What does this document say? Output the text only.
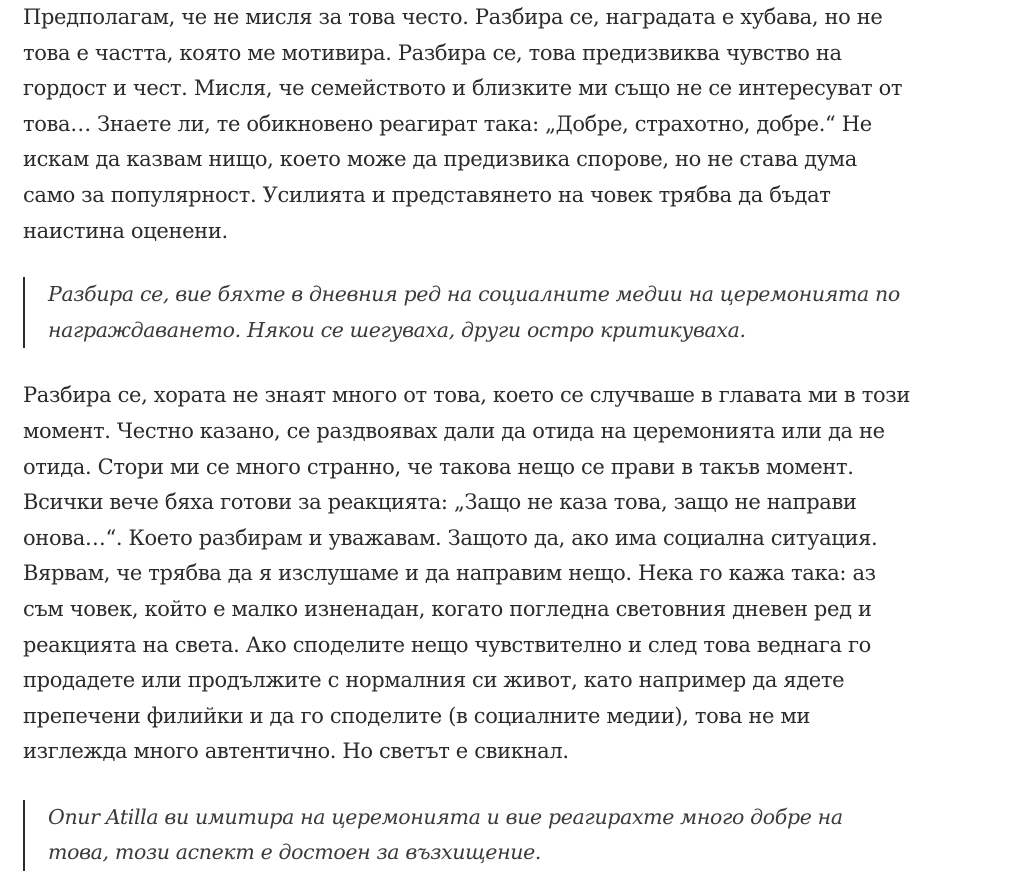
Предполагам, че не мисля за това често. Разбира се, наградата е хубава, но не
това е частта, която ме мотивира. Разбира се, това предизвиква чувство на
гордост и чест. Мисля, че семейството и близките ми също не се интересуват от
това… Знаете ли, те обикновено реагират така: „Добре, страхотно, добре.“ Не
искам да казвам нищо, което може да предизвика спорове, но не става дума
само за популярност. Усилията и представянето на човек трябва да бъдат
наистина оценени.

Разбира се, вие бяхте в дневния ред на социалните медии на церемонията по
награждаването. Някои се шегуваха, други остро критикуваха.

Разбира се, хората не знаят много от това, което се случваше в главата ми в този
момент. Честно казано, се раздвоявах дали да отида на церемонията или да не
отида. Стори ми се много странно, че такова нещо се прави в такъв момент.
Всички вече бяха готови за реакцията: „Защо не каза това, защо не направи
онова…“. Което разбирам и уважавам. Защото да, ако има социална ситуация.
Вярвам, че трябва да я изслушаме и да направим нещо. Нека го кажа така: аз
съм човек, който е малко изненадан, когато погледна световния дневен ред и
реакцията на света. Ако споделите нещо чувствително и след това веднага го
продадете или продължите с нормалния си живот, като например да ядете
препечени филийки и да го споделите (в социалните медии), това не ми
изглежда много автентично. Но светът е свикнал.

Onur Atilla ви имитира на церемонията и вие реагирахте много добре на
това, този аспект е достоен за възхищение.
